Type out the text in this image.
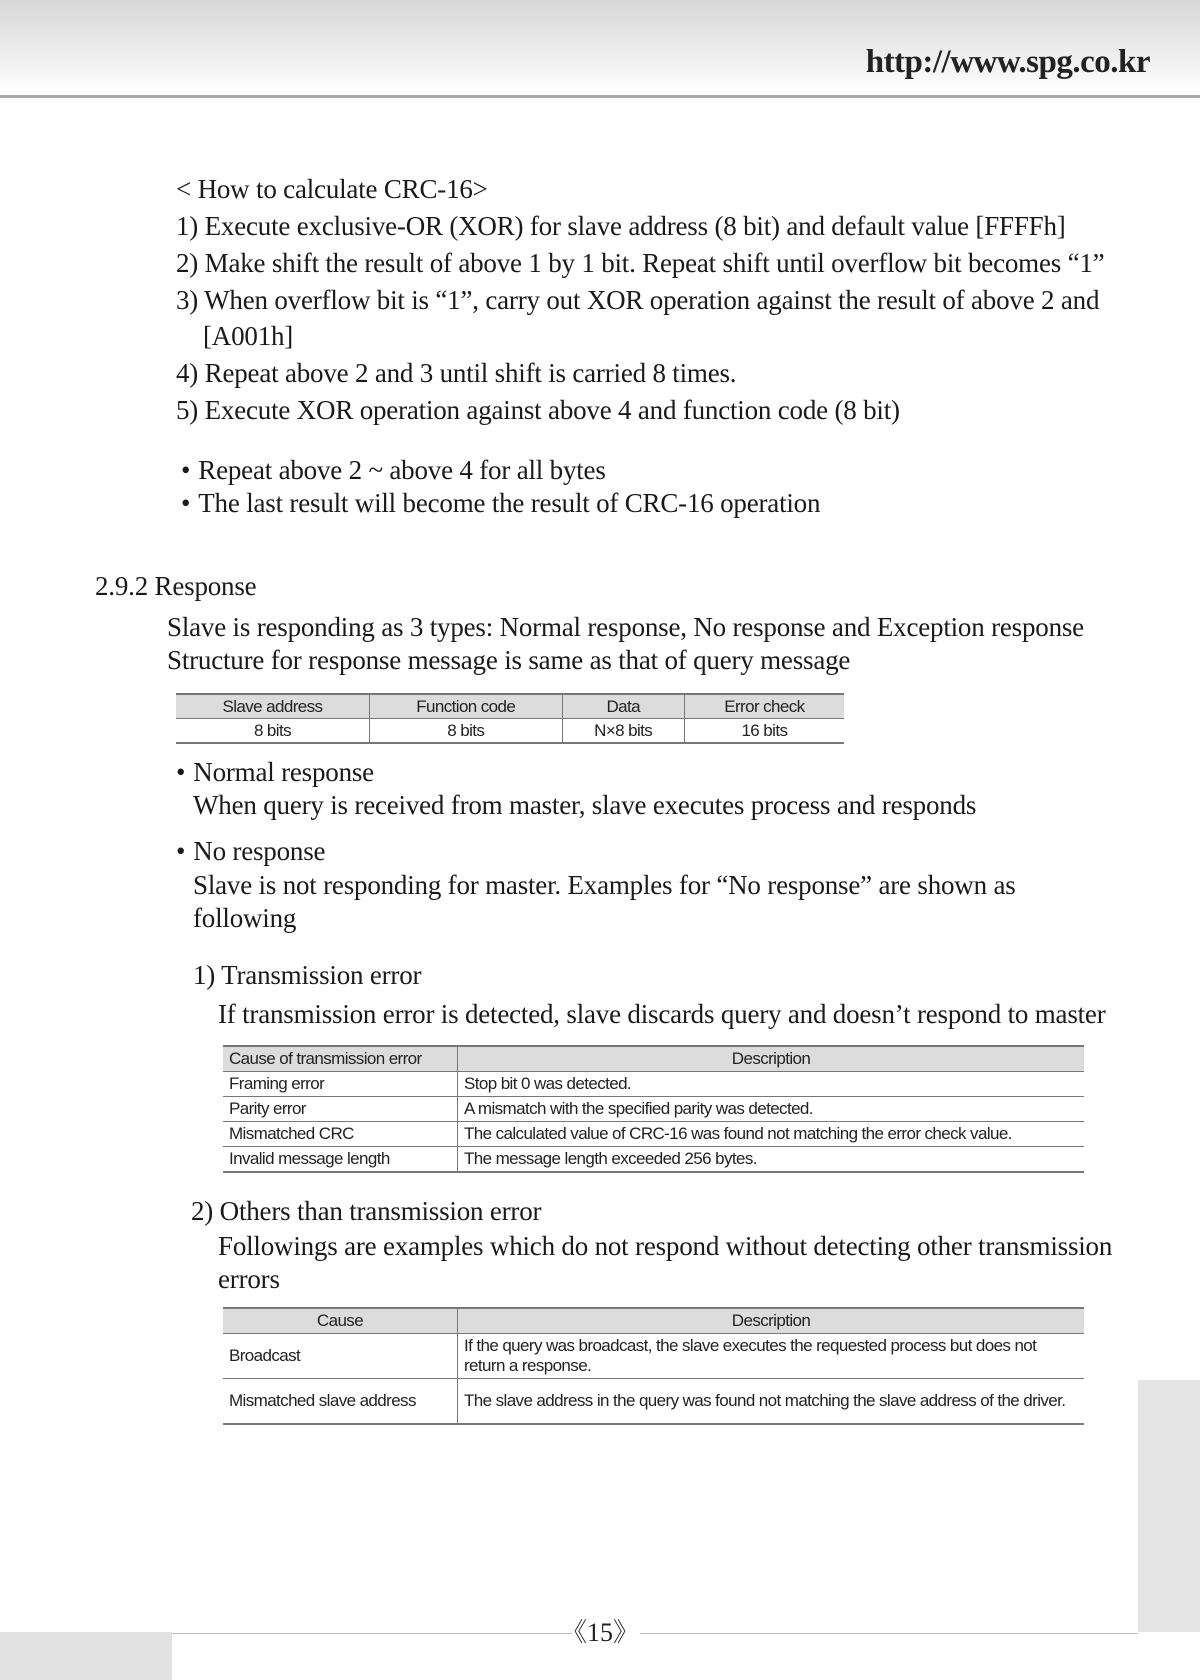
http://www.spg.co.kr
< How to calculate CRC-16>
1) Execute exclusive-OR (XOR) for slave address (8 bit) and default value [FFFFh]
2) Make shift the result of above 1 by 1 bit. Repeat shift until overflow bit becomes “1”
3) When overflow bit is “1”, carry out XOR operation against the result of above 2 and
[A001h]
4) Repeat above 2 and 3 until shift is carried 8 times.
5) Execute XOR operation against above 4 and function code (8 bit)
• Repeat above 2 ~ above 4 for all bytes
• The last result will become the result of CRC-16 operation
2.9.2 Response
Slave is responding as 3 types: Normal response, No response and Exception response
Structure for response message is same as that of query message
Slave address	Function code	Data	Error check
8 bits	8 bits	N×8 bits	16 bits
• Normal response
When query is received from master, slave executes process and responds
• No response
Slave is not responding for master. Examples for “No response” are shown as
following
1) Transmission error
If transmission error is detected, slave discards query and doesn’t respond to master
Cause of transmission error	Description
Framing error	Stop bit 0 was detected.
Parity error	A mismatch with the specified parity was detected.
Mismatched CRC	The calculated value of CRC-16 was found not matching the error check value.
Invalid message length	The message length exceeded 256 bytes.
2) Others than transmission error
Followings are examples which do not respond without detecting other transmission
errors
Cause	Description
Broadcast	If the query was broadcast, the slave executes the requested process but does not return a response.
Mismatched slave address	The slave address in the query was found not matching the slave address of the driver.
《15》
